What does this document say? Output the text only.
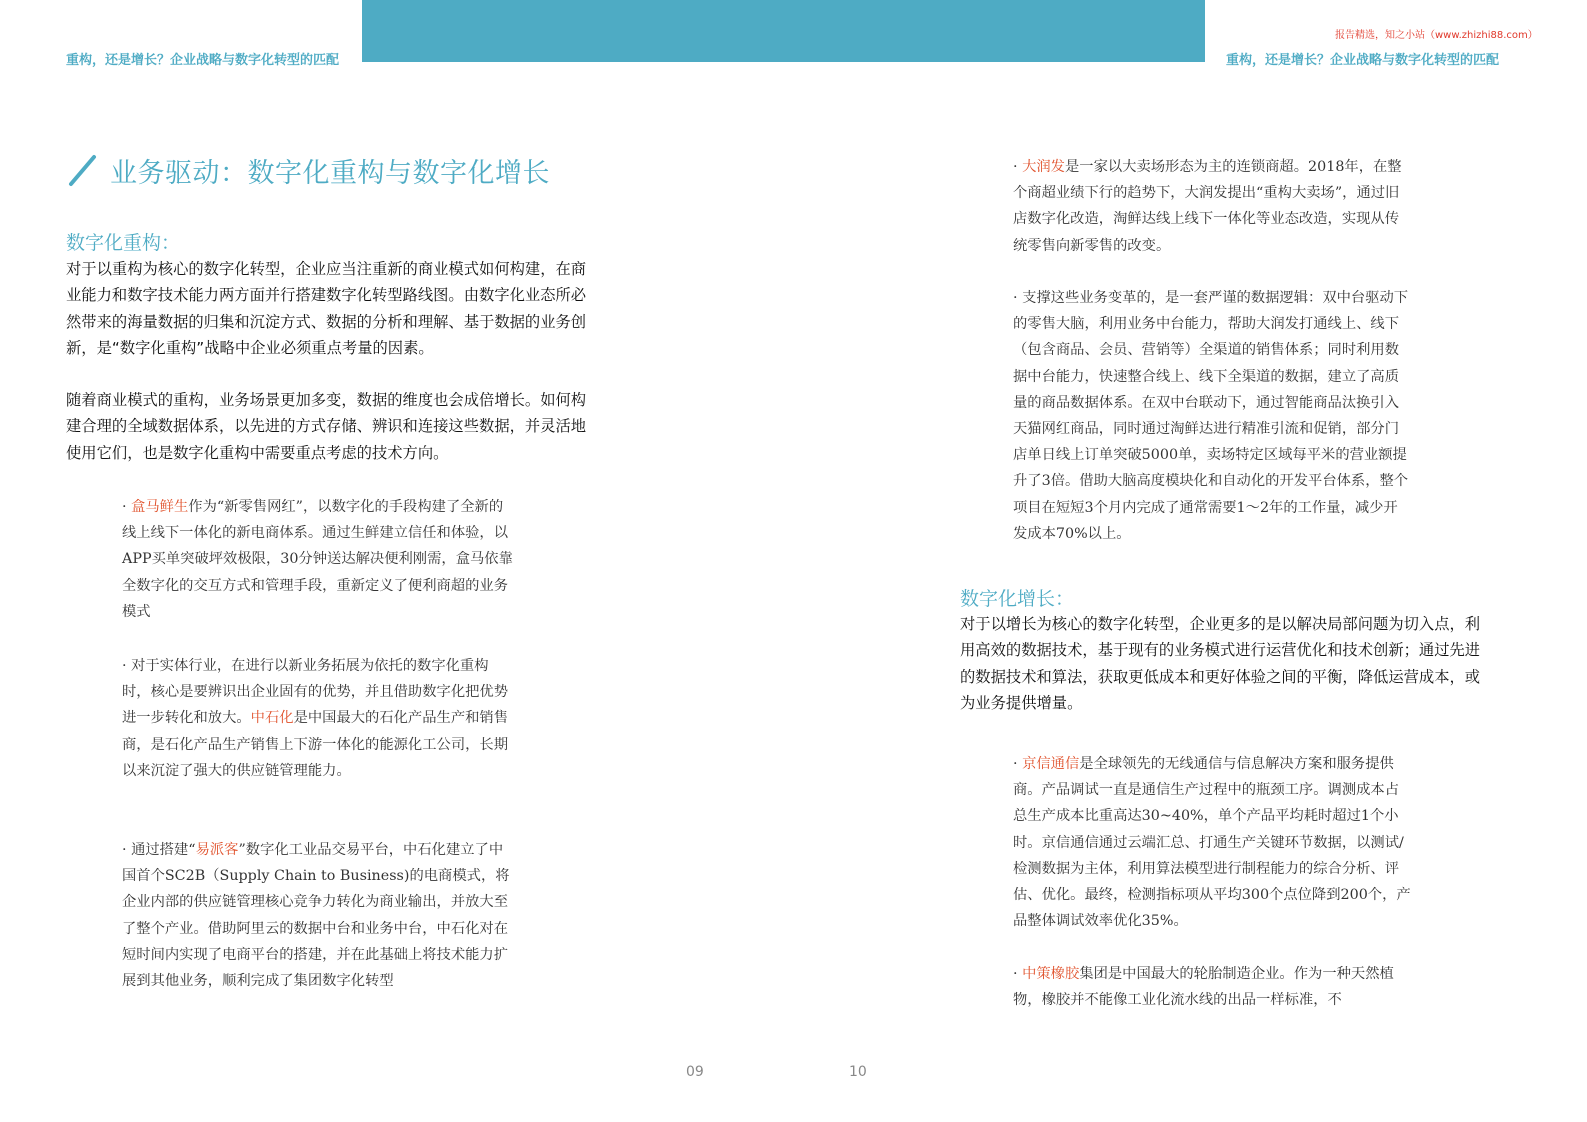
重构，还是增长？企业战略与数字化转型的匹配	重构，还是增长？企业战略与数字化转型的匹配
报告精选，知之小站（www.zhizhi88.com）
业务驱动：数字化重构与数字化增长
数字化重构：
对于以重构为核心的数字化转型，企业应当注重新的商业模式如何构建，在商业能力和数字技术能力两方面并行搭建数字化转型路线图。由数字化业态所必然带来的海量数据的归集和沉淀方式、数据的分析和理解、基于数据的业务创新，是“数字化重构”战略中企业必须重点考量的因素。
随着商业模式的重构，业务场景更加多变，数据的维度也会成倍增长。如何构建合理的全域数据体系，以先进的方式存储、辨识和连接这些数据，并灵活地使用它们，也是数字化重构中需要重点考虑的技术方向。
· 盒马鲜生作为“新零售网红”，以数字化的手段构建了全新的线上线下一体化的新电商体系。通过生鲜建立信任和体验，以APP买单突破坪效极限，30分钟送达解决便利刚需，盒马依靠全数字化的交互方式和管理手段，重新定义了便利商超的业务模式
· 对于实体行业，在进行以新业务拓展为依托的数字化重构时，核心是要辨识出企业固有的优势，并且借助数字化把优势进一步转化和放大。中石化是中国最大的石化产品生产和销售商，是石化产品生产销售上下游一体化的能源化工公司，长期以来沉淀了强大的供应链管理能力。
· 通过搭建“易派客”数字化工业品交易平台，中石化建立了中国首个SC2B（Supply Chain to Business)的电商模式，将企业内部的供应链管理核心竞争力转化为商业输出，并放大至了整个产业。借助阿里云的数据中台和业务中台，中石化对在短时间内实现了电商平台的搭建，并在此基础上将技术能力扩展到其他业务，顺利完成了集团数字化转型
09
· 大润发是一家以大卖场形态为主的连锁商超。2018年，在整个商超业绩下行的趋势下，大润发提出“重构大卖场”，通过旧店数字化改造，淘鲜达线上线下一体化等业态改造，实现从传统零售向新零售的改变。
· 支撑这些业务变革的，是一套严谨的数据逻辑：双中台驱动下的零售大脑，利用业务中台能力，帮助大润发打通线上、线下（包含商品、会员、营销等）全渠道的销售体系；同时利用数据中台能力，快速整合线上、线下全渠道的数据，建立了高质量的商品数据体系。在双中台联动下，通过智能商品汰换引入天猫网红商品，同时通过淘鲜达进行精准引流和促销，部分门店单日线上订单突破5000单，卖场特定区域每平米的营业额提升了3倍。借助大脑高度模块化和自动化的开发平台体系，整个项目在短短3个月内完成了通常需要1～2年的工作量，减少开发成本70%以上。
数字化增长：
对于以增长为核心的数字化转型，企业更多的是以解决局部问题为切入点，利用高效的数据技术，基于现有的业务模式进行运营优化和技术创新；通过先进的数据技术和算法，获取更低成本和更好体验之间的平衡，降低运营成本，或为业务提供增量。
· 京信通信是全球领先的无线通信与信息解决方案和服务提供商。产品调试一直是通信生产过程中的瓶颈工序。调测成本占总生产成本比重高达30~40%，单个产品平均耗时超过1个小时。京信通信通过云端汇总、打通生产关键环节数据，以测试/检测数据为主体，利用算法模型进行制程能力的综合分析、评估、优化。最终，检测指标项从平均300个点位降到200个，产品整体调试效率优化35%。
· 中策橡胶集团是中国最大的轮胎制造企业。作为一种天然植物，橡胶并不能像工业化流水线的出品一样标准，不
10
